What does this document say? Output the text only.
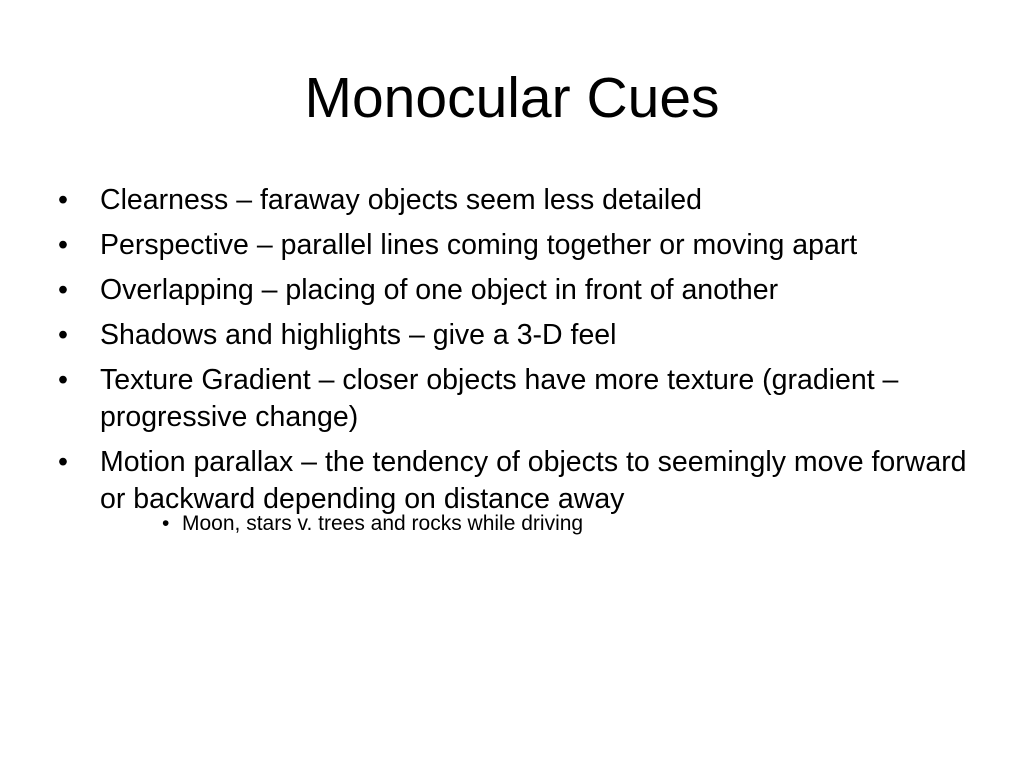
Monocular Cues
•	Clearness – faraway objects seem less detailed
•	Perspective – parallel lines coming together or moving apart
•	Overlapping – placing of one object in front of another
•	Shadows and highlights – give a 3-D feel
•	Texture Gradient – closer objects have more texture (gradient – progressive change)
•	Motion parallax – the tendency of objects to seemingly move forward or backward depending on distance away
• Moon, stars v. trees and rocks while driving
